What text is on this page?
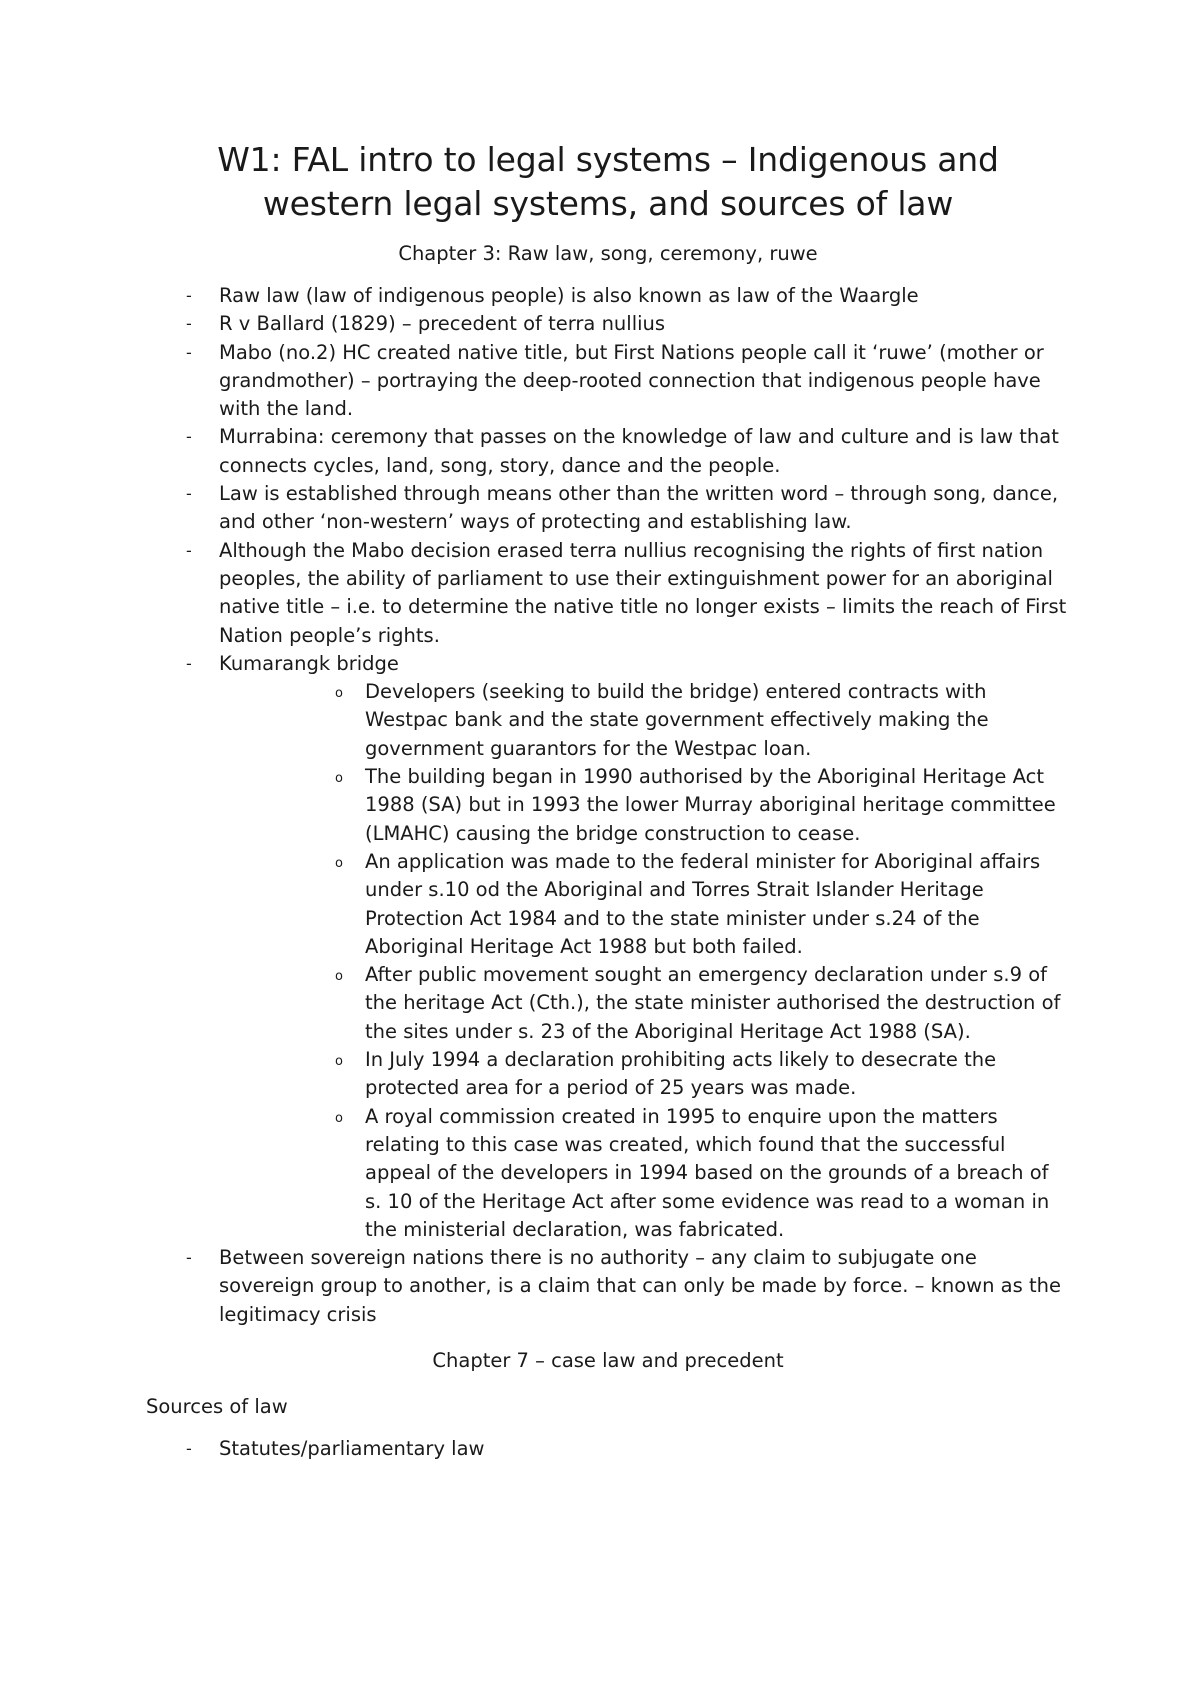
W1: FAL intro to legal systems – Indigenous and
western legal systems, and sources of law
Chapter 3: Raw law, song, ceremony, ruwe
- Raw law (law of indigenous people) is also known as law of the Waargle
- R v Ballard (1829) – precedent of terra nullius
- Mabo (no.2) HC created native title, but First Nations people call it ‘ruwe’ (mother or grandmother) – portraying the deep-rooted connection that indigenous people have with the land.
- Murrabina: ceremony that passes on the knowledge of law and culture and is law that connects cycles, land, song, story, dance and the people.
- Law is established through means other than the written word – through song, dance, and other ‘non-western’ ways of protecting and establishing law.
- Although the Mabo decision erased terra nullius recognising the rights of first nation peoples, the ability of parliament to use their extinguishment power for an aboriginal native title – i.e. to determine the native title no longer exists – limits the reach of First Nation people’s rights.
- Kumarangk bridge
o Developers (seeking to build the bridge) entered contracts with Westpac bank and the state government effectively making the government guarantors for the Westpac loan.
o The building began in 1990 authorised by the Aboriginal Heritage Act 1988 (SA) but in 1993 the lower Murray aboriginal heritage committee (LMAHC) causing the bridge construction to cease.
o An application was made to the federal minister for Aboriginal affairs under s.10 od the Aboriginal and Torres Strait Islander Heritage Protection Act 1984 and to the state minister under s.24 of the Aboriginal Heritage Act 1988 but both failed.
o After public movement sought an emergency declaration under s.9 of the heritage Act (Cth.), the state minister authorised the destruction of the sites under s. 23 of the Aboriginal Heritage Act 1988 (SA).
o In July 1994 a declaration prohibiting acts likely to desecrate the protected area for a period of 25 years was made.
o A royal commission created in 1995 to enquire upon the matters relating to this case was created, which found that the successful appeal of the developers in 1994 based on the grounds of a breach of s. 10 of the Heritage Act after some evidence was read to a woman in the ministerial declaration, was fabricated.
- Between sovereign nations there is no authority – any claim to subjugate one sovereign group to another, is a claim that can only be made by force. – known as the legitimacy crisis
Chapter 7 – case law and precedent
Sources of law
- Statutes/parliamentary law
